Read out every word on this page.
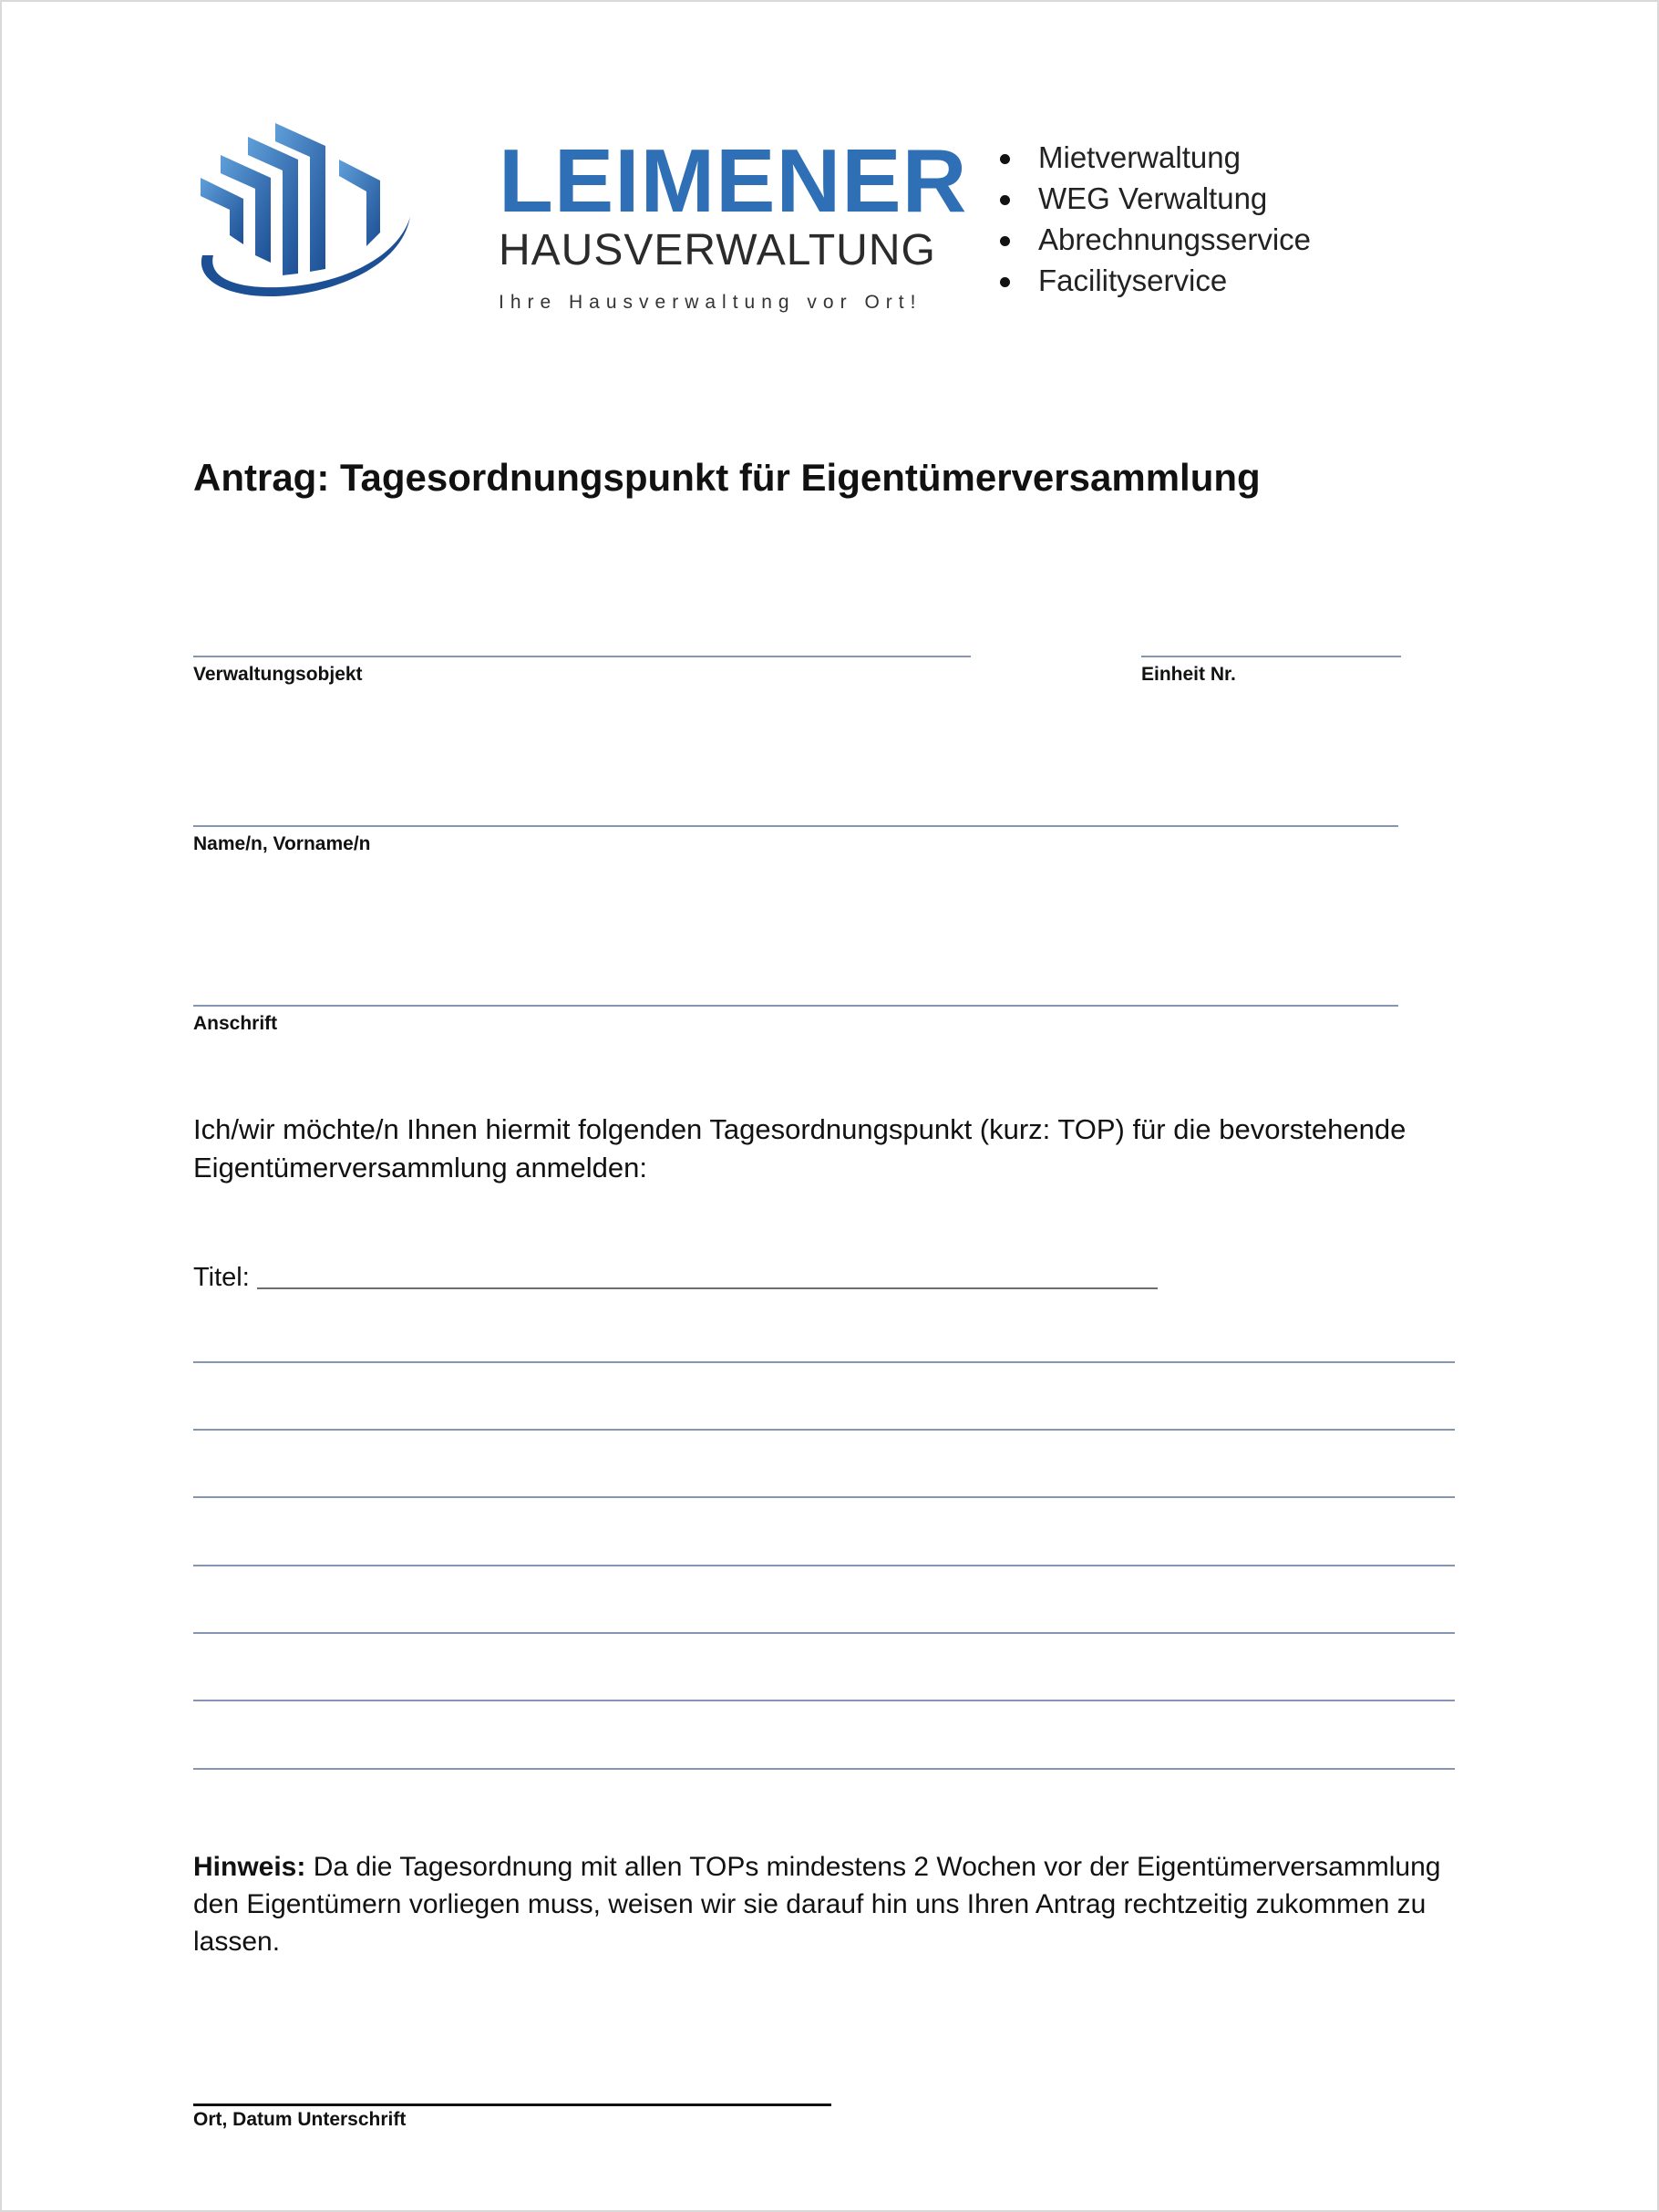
LEIMENER
HAUSVERWALTUNG
Ihre Hausverwaltung vor Ort!
Mietverwaltung
WEG Verwaltung
Abrechnungsservice
Facilityservice
Antrag: Tagesordnungspunkt für Eigentümerversammlung
Verwaltungsobjekt	Einheit Nr.
Name/n, Vorname/n
Anschrift
Ich/wir möchte/n Ihnen hiermit folgenden Tagesordnungspunkt (kurz: TOP) für die bevorstehende
Eigentümerversammlung anmelden:
Titel:
Hinweis: Da die Tagesordnung mit allen TOPs mindestens 2 Wochen vor der Eigentümerversammlung den Eigentümern vorliegen muss, weisen wir sie darauf hin uns Ihren Antrag rechtzeitig zukommen zu lassen.
Ort, Datum Unterschrift
